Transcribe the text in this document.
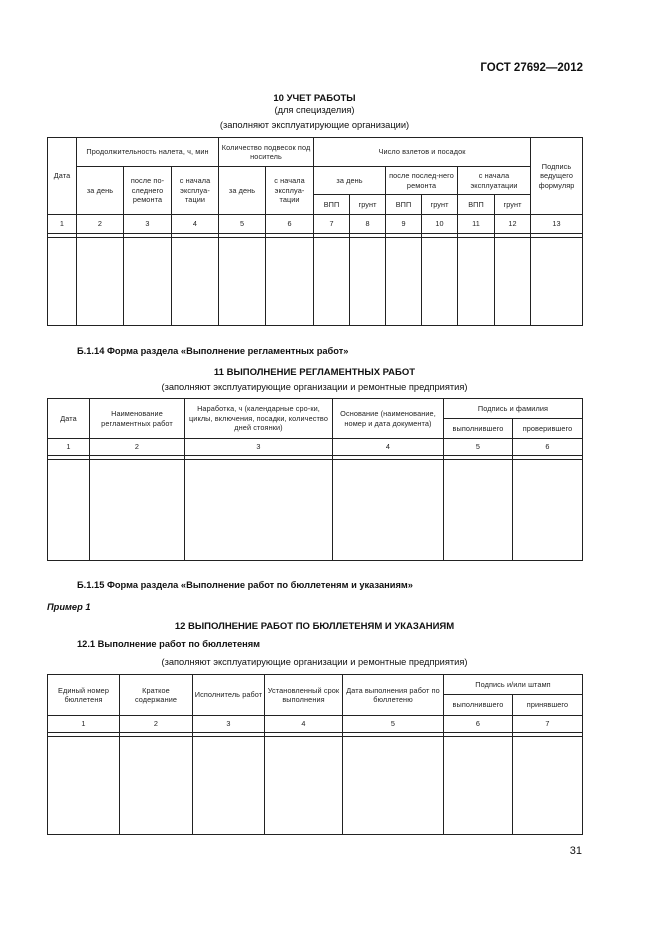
ГОСТ 27692—2012
10 УЧЕТ РАБОТЫ
(для специзделия)
(заполняют эксплуатирующие организации)
Дата	Продолжительность налета, ч, мин			Количество подвесок под носитель		Число взлетов и посадок						Подпись ведущего формуляр
	за день	после по-следнего ремонта	с начала эксплуа-тации	за день	с начала эксплуа-тации	за день		после послед-него ремонта		с начала эксплуатации		
						ВПП	грунт	ВПП	грунт	ВПП	грунт	
1	2	3	4	5	6	7	8	9	10	11	12	13

Б.1.14 Форма раздела «Выполнение регламентных работ»
11 ВЫПОЛНЕНИЕ РЕГЛАМЕНТНЫХ РАБОТ
(заполняют эксплуатирующие организации и ремонтные предприятия)
Дата	Наименование регламентных работ	Наработка, ч (календарные сро-ки, циклы, включения, посадки, количество дней стоянки)	Основание (наименование, номер и дата документа)	Подпись и фамилия	
				выполнившего	проверившего
1	2	3	4	5	6

Б.1.15 Форма раздела «Выполнение работ по бюллетеням и указаниям»
Пример 1
12 ВЫПОЛНЕНИЕ РАБОТ ПО БЮЛЛЕТЕНЯМ И УКАЗАНИЯМ
12.1 Выполнение работ по бюллетеням
(заполняют эксплуатирующие организации и ремонтные предприятия)
Единый номер бюллетеня	Краткое содержание	Исполнитель работ	Установленный срок выполнения	Дата выполнения работ по бюллетеню	Подпись и/или штамп	
					выполнившего	принявшего
1	2	3	4	5	6	7

31
